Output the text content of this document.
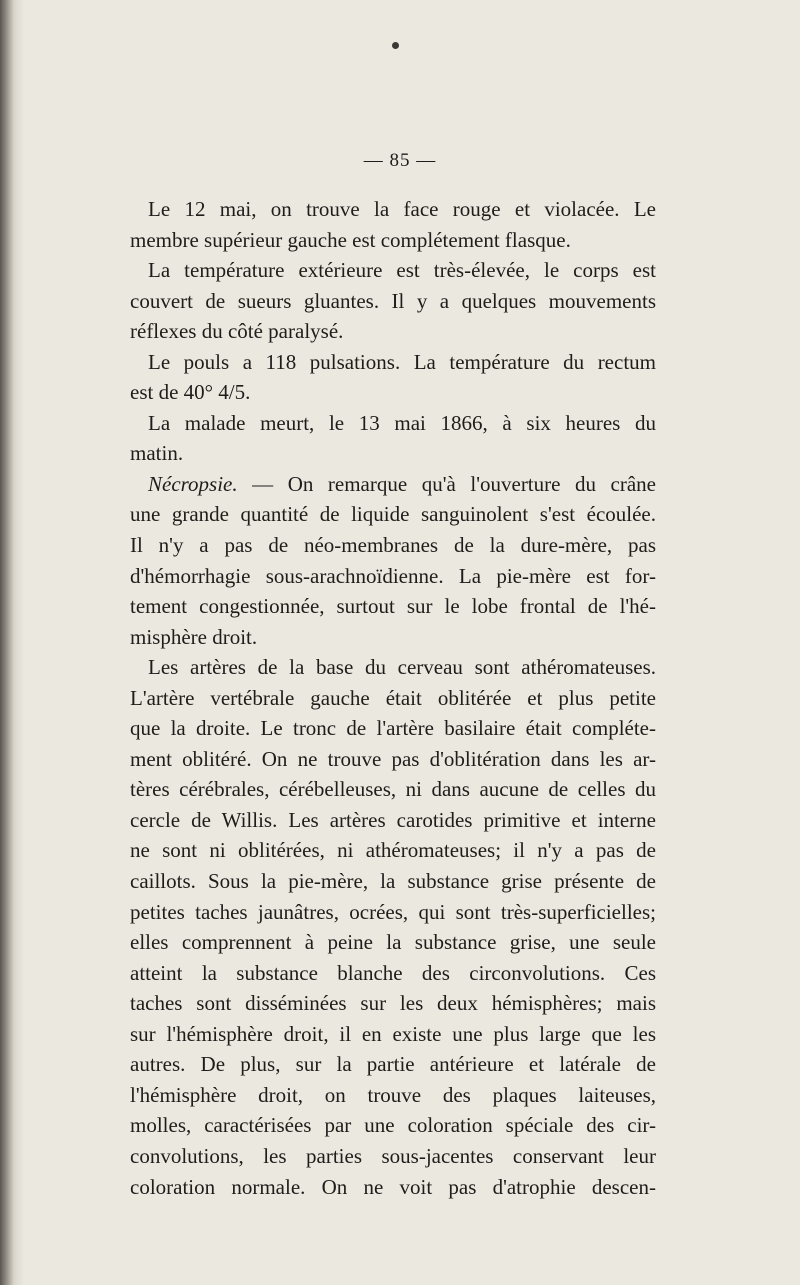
— 85 —
Le 12 mai, on trouve la face rouge et violacée. Le
membre supérieur gauche est complétement flasque.
La température extérieure est très-élevée, le corps est
couvert de sueurs gluantes. Il y a quelques mouvements
réflexes du côté paralysé.
Le pouls a 118 pulsations. La température du rectum
est de 40° 4/5.
La malade meurt, le 13 mai 1866, à six heures du
matin.
Nécropsie. — On remarque qu'à l'ouverture du crâne
une grande quantité de liquide sanguinolent s'est écoulée.
Il n'y a pas de néo-membranes de la dure-mère, pas
d'hémorrhagie sous-arachnoïdienne. La pie-mère est for-
tement congestionnée, surtout sur le lobe frontal de l'hé-
misphère droit.
Les artères de la base du cerveau sont athéromateuses.
L'artère vertébrale gauche était oblitérée et plus petite
que la droite. Le tronc de l'artère basilaire était compléte-
ment oblitéré. On ne trouve pas d'oblitération dans les ar-
tères cérébrales, cérébelleuses, ni dans aucune de celles du
cercle de Willis. Les artères carotides primitive et interne
ne sont ni oblitérées, ni athéromateuses; il n'y a pas de
caillots. Sous la pie-mère, la substance grise présente de
petites taches jaunâtres, ocrées, qui sont très-superficielles;
elles comprennent à peine la substance grise, une seule
atteint la substance blanche des circonvolutions. Ces
taches sont disséminées sur les deux hémisphères; mais
sur l'hémisphère droit, il en existe une plus large que les
autres. De plus, sur la partie antérieure et latérale de
l'hémisphère droit, on trouve des plaques laiteuses,
molles, caractérisées par une coloration spéciale des cir-
convolutions, les parties sous-jacentes conservant leur
coloration normale. On ne voit pas d'atrophie descen-
